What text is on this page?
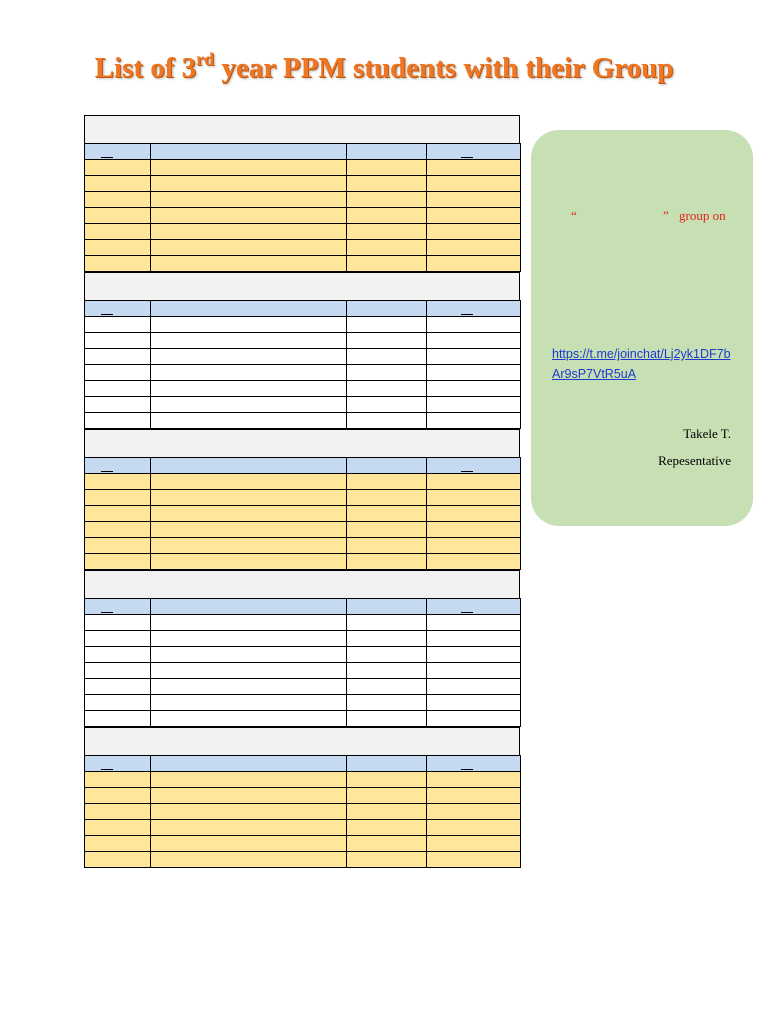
List of 3rd year PPM students with their Group

“	” group on
https://t.me/joinchat/Lj2yk1DF7bAr9sP7VtR5uA
Takele T.
Repesentative
